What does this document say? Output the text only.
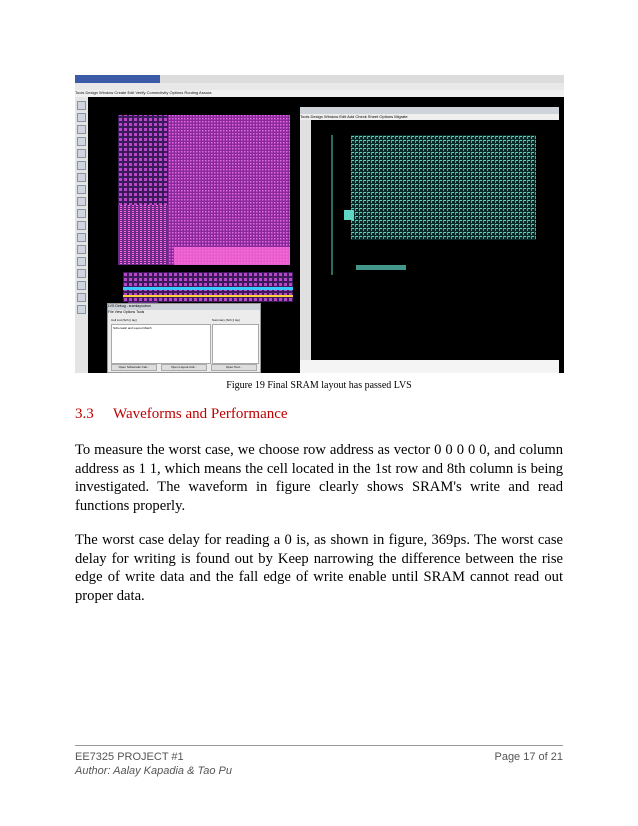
Tools Design Window Create Edit Verify Connectivity Options Routing Assura
Tools Design Window Edit Add Check Sheet Options Migrate
LVS Debug - sramlayoutrun
File View Options Tools
Cell List (Sch || lay)	Summary (Sch || lay)
Schematic and Layout Match
Open Schematic Cell...	Open Layout Cell...	Open Tool...
Figure 19 Final SRAM layout has passed LVS
3.3 Waveforms and Performance
To measure the worst case, we choose row address as vector 0 0 0 0 0, and column address as 1 1, which means the cell located in the 1st row and 8th column is being investigated. The waveform in figure clearly shows SRAM's write and read functions properly.
The worst case delay for reading a 0 is, as shown in figure, 369ps. The worst case delay for writing is found out by Keep narrowing the difference between the rise edge of write data and the fall edge of write enable until SRAM cannot read out proper data.
EE7325 PROJECT #1
Author: Aalay Kapadia & Tao Pu
Page 17 of 21
